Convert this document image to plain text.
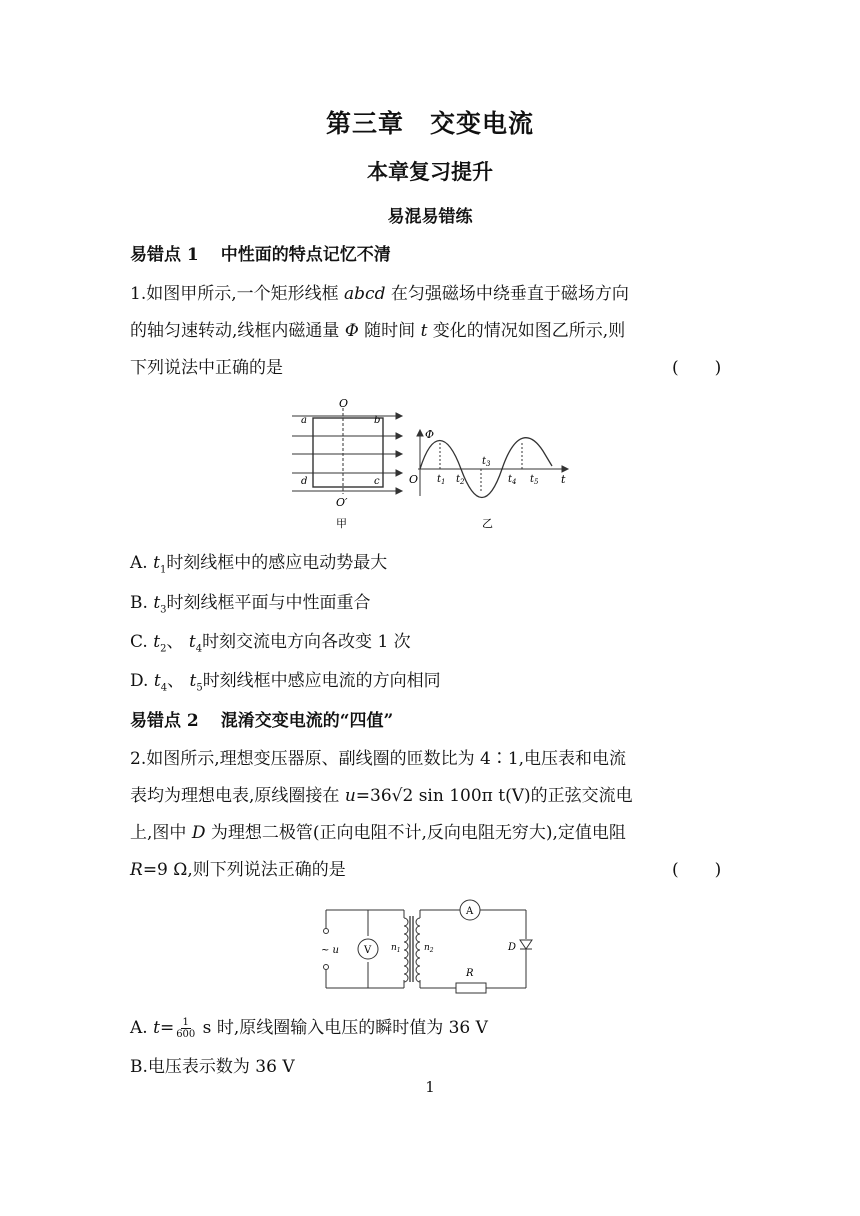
第三章 交变电流
本章复习提升
易混易错练
易错点 1 中性面的特点记忆不清
1.如图甲所示,一个矩形线框 abcd 在匀强磁场中绕垂直于磁场方向
的轴匀速转动,线框内磁通量 Φ 随时间 t 变化的情况如图乙所示,则
下列说法中正确的是	( )
a	b
c
d
O
O′
甲
Φ
O	t
$t_1$ $t_2$
$t_3$
$t_4$ $t_5$
乙
A. $t_1$时刻线框中的感应电动势最大
B. $t_3$时刻线框平面与中性面重合
C. $t_2$、 $t_4$时刻交流电方向各改变 1 次
D. $t_4$、 $t_5$时刻线框中感应电流的方向相同
易错点 2 混淆交变电流的“四值”
2.如图所示,理想变压器原、副线圈的匝数比为 4∶1,电压表和电流
表均为理想电表,原线圈接在 u=36√2 sin 100π t(V)的正弦交流电
上,图中 D 为理想二极管(正向电阻不计,反向电阻无穷大),定值电阻
R=9 Ω,则下列说法正确的是	( )
~ u	V
A
$n_1$	$n_2$	D
R
A. $t= \frac{1}{600}$ s 时,原线圈输入电压的瞬时值为 36 V
B.电压表示数为 36 V
1
